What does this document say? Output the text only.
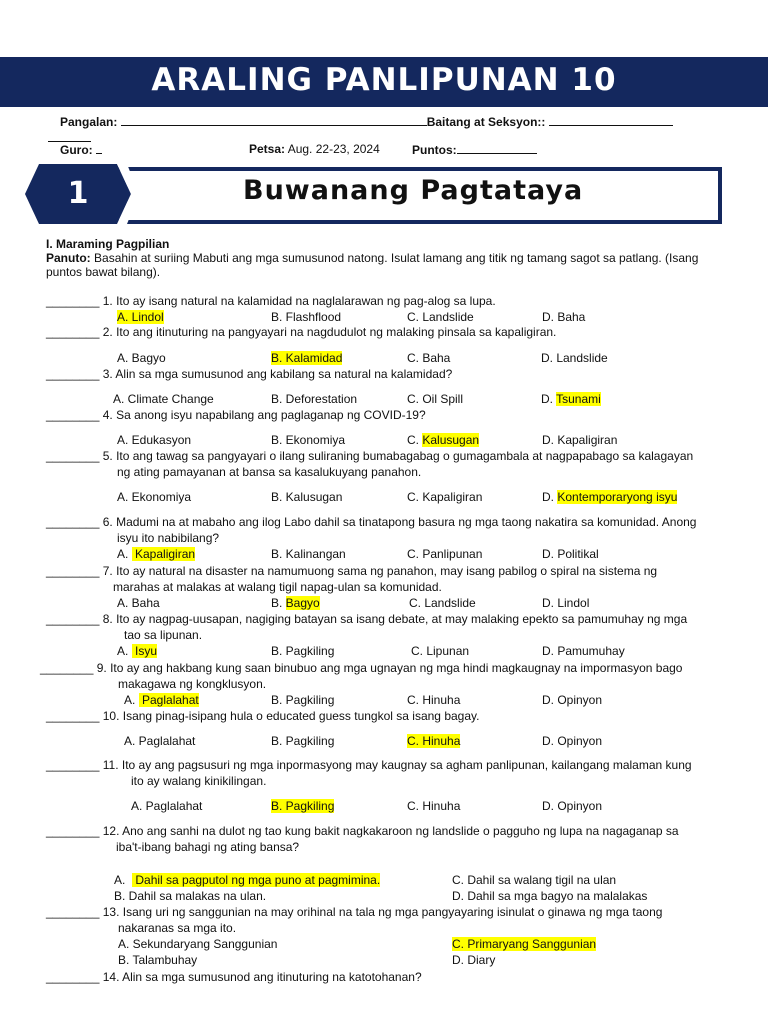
ARALING PANLIPUNAN 10
Pangalan:	Baitang at Seksyon::
Guro:	Petsa: Aug. 22-23, 2024	Puntos:
1	Buwanang Pagtataya
I. Maraming Pagpilian
Panuto: Basahin at suriing Mabuti ang mga sumusunod natong. Isulat lamang ang titik ng tamang sagot sa patlang. (Isang
puntos bawat bilang).
________ 1. Ito ay isang natural na kalamidad na naglalarawan ng pag-alog sa lupa.
A. Lindol	B. Flashflood	C. Landslide	D. Baha
________ 2. Ito ang itinuturing na pangyayari na nagdudulot ng malaking pinsala sa kapaligiran.
A. Bagyo	B. Kalamidad	C. Baha	D. Landslide
________ 3. Alin sa mga sumusunod ang kabilang sa natural na kalamidad?
A. Climate Change	B. Deforestation	C. Oil Spill	D. Tsunami
________ 4. Sa anong isyu napabilang ang paglaganap ng COVID-19?
A. Edukasyon	B. Ekonomiya	C. Kalusugan	D. Kapaligiran
________ 5. Ito ang tawag sa pangyayari o ilang suliraning bumabagabag o gumagambala at nagpapabago sa kalagayan
ng ating pamayanan at bansa sa kasalukuyang panahon.
A. Ekonomiya	B. Kalusugan	C. Kapaligiran	D. Kontemporaryong isyu
________ 6. Madumi na at mabaho ang ilog Labo dahil sa tinatapong basura ng mga taong nakatira sa komunidad. Anong
isyu ito nabibilang?
A.  Kapaligiran	B. Kalinangan	C. Panlipunan	D. Politikal
________ 7. Ito ay natural na disaster na namumuong sama ng panahon, may isang pabilog o spiral na sistema ng
marahas at malakas at walang tigil napag-ulan sa komunidad.
A. Baha	B. Bagyo	C. Landslide	D. Lindol
________ 8. Ito ay nagpag-uusapan, nagiging batayan sa isang debate, at may malaking epekto sa pamumuhay ng mga
tao sa lipunan.
A.  Isyu	B. Pagkiling	C. Lipunan	D. Pamumuhay
________ 9. Ito ay ang hakbang kung saan binubuo ang mga ugnayan ng mga hindi magkaugnay na impormasyon bago
makagawa ng kongklusyon.
A.  Paglalahat	B. Pagkiling	C. Hinuha	D. Opinyon
________ 10. Isang pinag-isipang hula o educated guess tungkol sa isang bagay.
A. Paglalahat	B. Pagkiling	C. Hinuha	D. Opinyon
________ 11. Ito ay ang pagsusuri ng mga inpormasyong may kaugnay sa agham panlipunan, kailangang malaman kung
ito ay walang kinikilingan.
A. Paglalahat	B. Pagkiling	C. Hinuha	D. Opinyon
________ 12. Ano ang sanhi na dulot ng tao kung bakit nagkakaroon ng landslide o pagguho ng lupa na nagaganap sa
iba't-ibang bahagi ng ating bansa?
A.   Dahil sa pagputol ng mga puno at pagmimina.	C. Dahil sa walang tigil na ulan
B. Dahil sa malakas na ulan.	D. Dahil sa mga bagyo na malalakas
________ 13. Isang uri ng sanggunian na may orihinal na tala ng mga pangyayaring isinulat o ginawa ng mga taong
nakaranas sa mga ito.
A. Sekundaryang Sanggunian	C. Primaryang Sanggunian
B. Talambuhay	D. Diary
________ 14. Alin sa mga sumusunod ang itinuturing na katotohanan?
